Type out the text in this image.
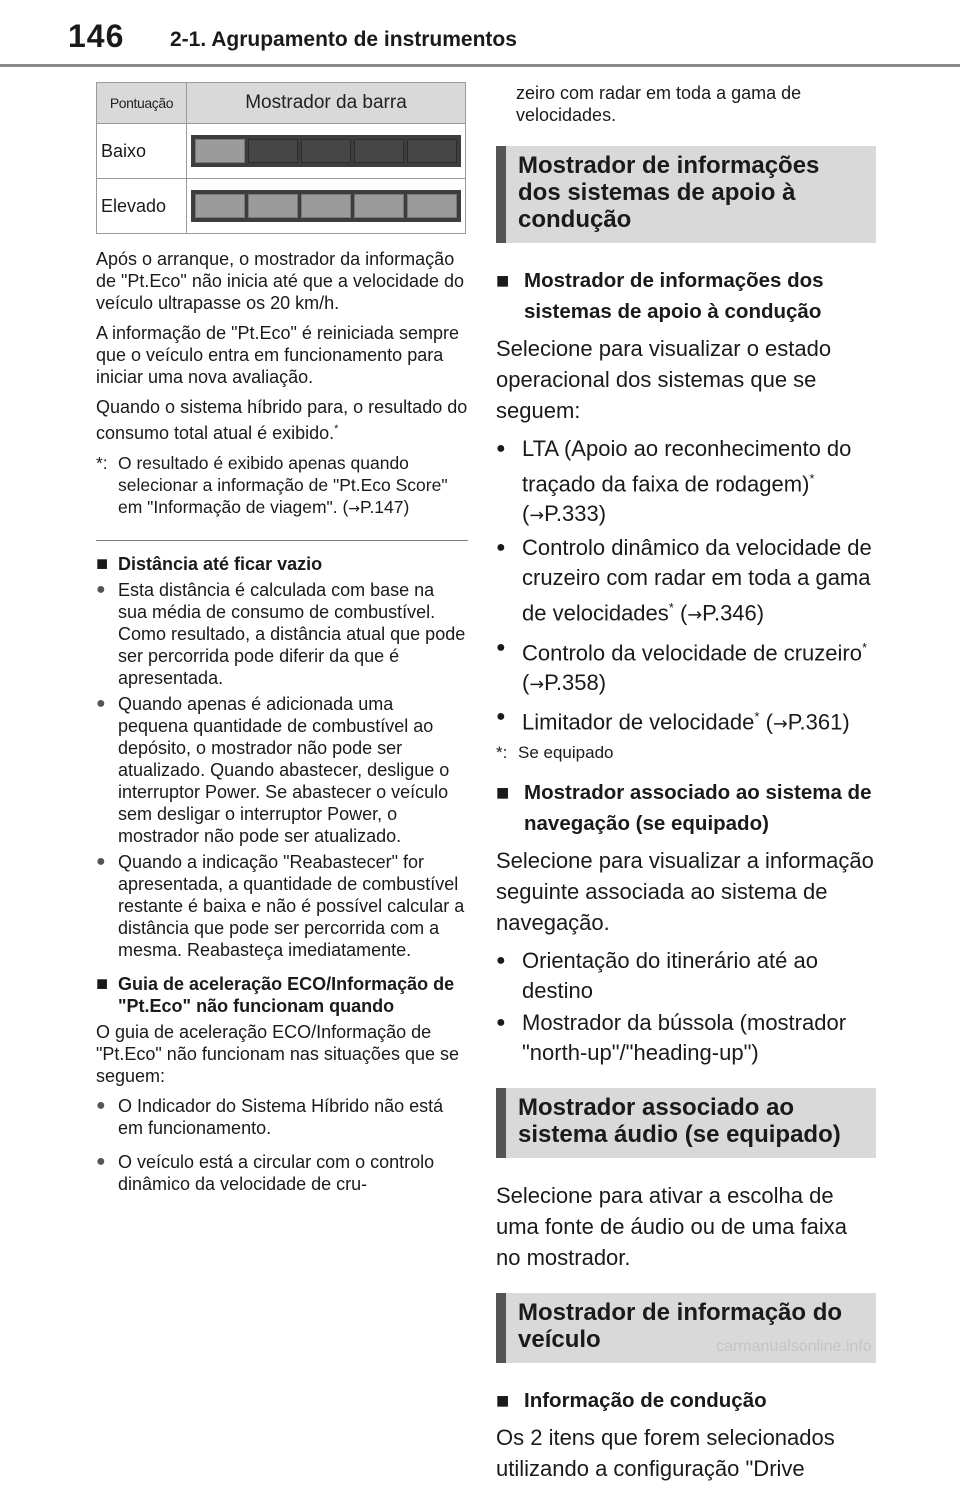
146 2-1. Agrupamento de instrumentos
Pontuação	Mostrador da barra
Baixo	

Elevado	

Após o arranque, o mostrador da informação de "Pt.Eco" não inicia até que a velocidade do veículo ultrapasse os 20 km/h.

A informação de "Pt.Eco" é reiniciada sempre que o veículo entra em funcionamento para iniciar uma nova avaliação.

Quando o sistema híbrido para, o resultado do consumo total atual é exibido.*

*: O resultado é exibido apenas quando selecionar a informação de "Pt.Eco Score" em "Informação de viagem". (→P.147)
■ Distância até ficar vazio
● Esta distância é calculada com base na sua média de consumo de combustível. Como resultado, a distância atual que pode ser percorrida pode diferir da que é apresentada.
● Quando apenas é adicionada uma pequena quantidade de combustível ao depósito, o mostrador não pode ser atualizado. Quando abastecer, desligue o interruptor Power. Se abastecer o veículo sem desligar o interruptor Power, o mostrador não pode ser atualizado.
● Quando a indicação "Reabastecer" for apresentada, a quantidade de combustível restante é baixa e não é possível calcular a distância que pode ser percorrida com a mesma. Reabasteça imediatamente.
■ Guia de aceleração ECO/Informação de "Pt.Eco" não funcionam quando

O guia de aceleração ECO/Informação de "Pt.Eco" não funcionam nas situações que se seguem:

● O Indicador do Sistema Híbrido não está em funcionamento.
● O veículo está a circular com o controlo dinâmico da velocidade de cru-

zeiro com radar em toda a gama de velocidades.

Mostrador de informações dos sistemas de apoio à condução
■ Mostrador de informações dos sistemas de apoio à condução

Selecione para visualizar o estado operacional dos sistemas que se seguem:

● LTA (Apoio ao reconhecimento do traçado da faixa de rodagem)* (→P.333)
● Controlo dinâmico da velocidade de cruzeiro com radar em toda a gama de velocidades* (→P.346)
● Controlo da velocidade de cruzeiro* (→P.358)
● Limitador de velocidade* (→P.361)
*: Se equipado
■ Mostrador associado ao sistema de navegação (se equipado)

Selecione para visualizar a informação seguinte associada ao sistema de navegação.

● Orientação do itinerário até ao destino
● Mostrador da bússola (mostrador "north-up"/"heading-up")
Mostrador associado ao sistema áudio (se equipado)

Selecione para ativar a escolha de uma fonte de áudio ou de uma faixa no mostrador.

Mostrador de informação do veículo
■ Informação de condução

Os 2 itens que forem selecionados utilizando a configuração "Drive

carmanualsonline.info
